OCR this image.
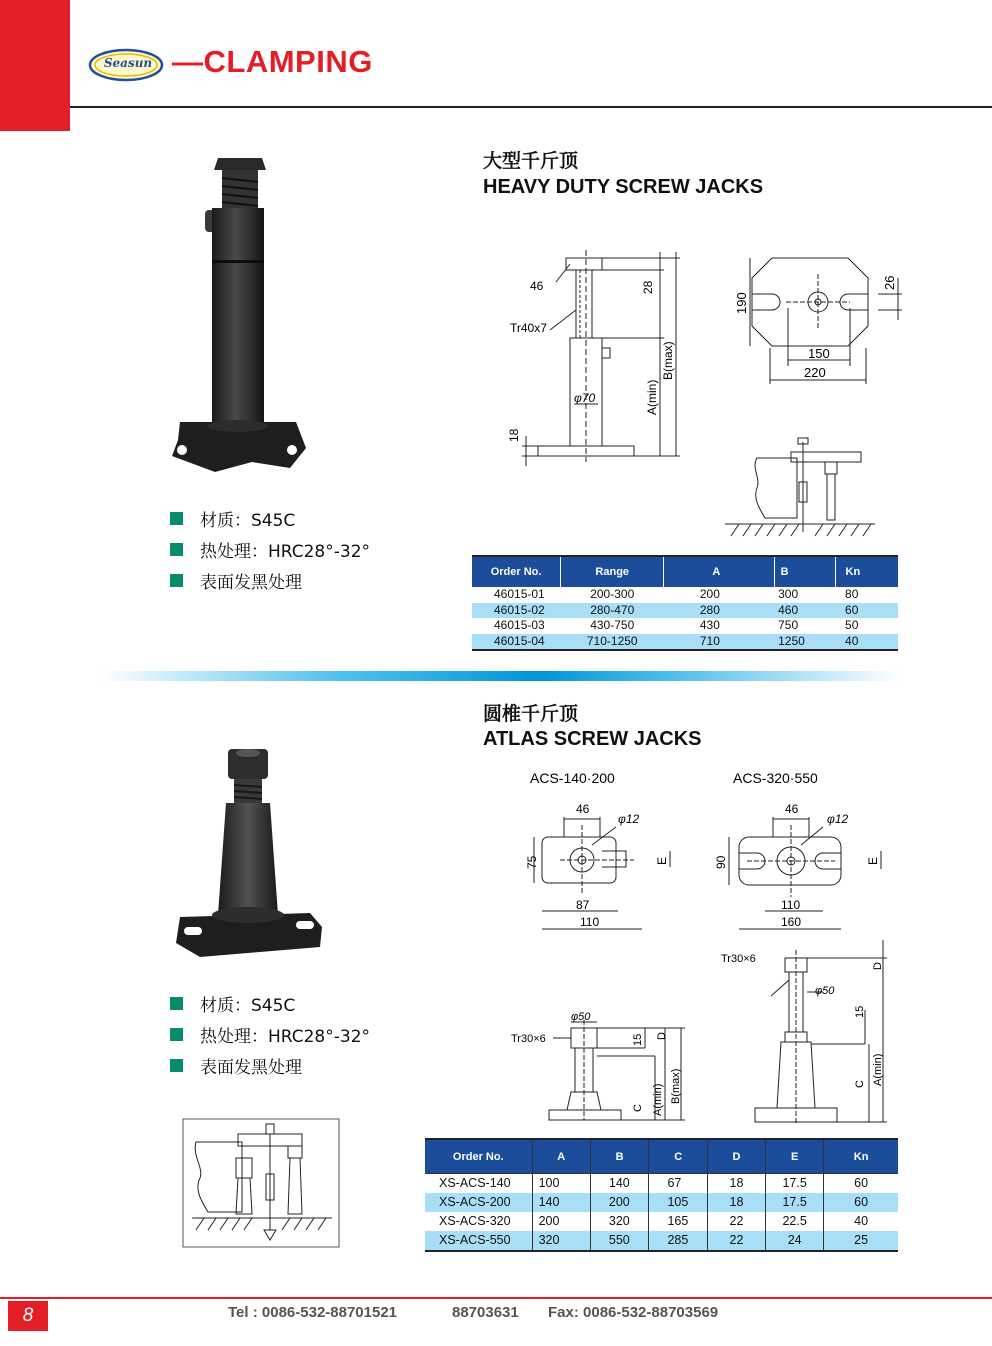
Seasun —CLAMPING
大型千斤顶
HEAVY DUTY SCREW JACKS
46
Tr40x7
φ70
28
B(max)
A(min)
18
190
26
150
220
材质：S45C
热处理：HRC28°-32°
表面发黑处理
Order No.	Range	A	B	Kn
46015-01	200-300	200	300	80
46015-02	280-470	280	460	60
46015-03	430-750	430	750	50
46015-04	710-1250	710	1250	40
圆椎千斤顶
ATLAS SCREW JACKS
ACS-140·200
46
φ12
75	E
87
110
ACS-320·550
46
φ12
90	E
110
160
φ50
Tr30×6	15 D
C A(min) B(max)
Tr30×6
D
φ50
15
C A(min)
材质：S45C
热处理：HRC28°-32°
表面发黑处理
Order No.	A	B	C	D	E	Kn
XS-ACS-140	100	140	67	18	17.5	60
XS-ACS-200	140	200	105	18	17.5	60
XS-ACS-320	200	320	165	22	22.5	40
XS-ACS-550	320	550	285	22	24	25
8	Tel : 0086-532-88701521	88703631 Fax: 0086-532-88703569
